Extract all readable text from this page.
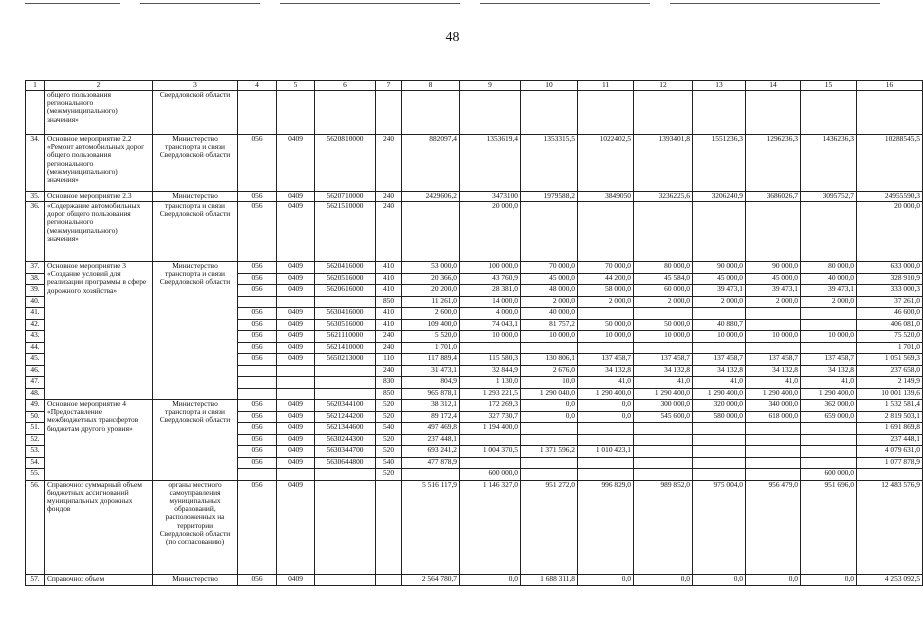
48
1	2	3	4	5	6	7	8	9	10	11	12	13	14	15	16
	общего пользования регионального (межмуниципального) значения»	Свердловской области													
34.	Основное мероприятие 2.2 «Ремонт автомобильных дорог общего пользования регионального (межмуниципального) значения»	Министерство транспорта и связи Свердловской области	056	0409	5620810000	240	882097,4	1353619,4	1353315,5	1022402,5	1393401,8	1551236,3	1296236,3	1436236,3	10288545,5
35.	Основное мероприятие 2.3	Министерство	056	0409	5620710000	240	2429606,2	3473100	1979588,2	3849050	3236225,6	3206240,9	3686026,7	3095752,7	24955590,3
36.	«Содержание автомобильных дорог общего пользования регионального (межмуниципального) значения»	транспорта и связи Свердловской области	056	0409	5621510000	240		20 000,0							20 000,0
37.	Основное мероприятие 3 «Создание условий для реализации программы в сфере дорожного хозяйства»	Министерство транспорта и связи Свердловской области	056	0409	5620416000	410	53 000,0	100 000,0	70 000,0	70 000,0	80 000,0	90 000,0	90 000,0	80 000,0	633 000,0
38.			056	0409	5620516000	410	20 366,0	43 760,9	45 000,0	44 200,0	45 584,0	45 000,0	45 000,0	40 000,0	328 910,9
39.			056	0409	5620616000	410	20 200,0	28 381,0	48 000,0	58 000,0	60 000,0	39 473,1	39 473,1	39 473,1	333 000,3
40.						850	11 261,0	14 000,0	2 000,0	2 000,0	2 000,0	2 000,0	2 000,0	2 000,0	37 261,0
41.			056	0409	5630416000	410	2 600,0	4 000,0	40 000,0						46 600,0
42.			056	0409	5630516000	410	109 400,0	74 043,1	81 757,2	50 000,0	50 000,0	40 880,7			406 081,0
43.			056	0409	5621110000	240	5 520,0	10 000,0	10 000,0	10 000,0	10 000,0	10 000,0	10 000,0	10 000,0	75 520,0
44.			056	0409	5621410000	240	1 701,0								1 701,0
45.			056	0409	5650213000	110	117 889,4	115 580,3	130 806,1	137 458,7	137 458,7	137 458,7	137 458,7	137 458,7	1 051 569,3
46.						240	31 473,1	32 844,9	2 676,0	34 132,8	34 132,8	34 132,8	34 132,8	34 132,8	237 658,0
47.						830	804,9	1 130,0	10,0	41,0	41,0	41,0	41,0	41,0	2 149,9
48.						850	965 878,1	1 293 221,5	1 290 040,0	1 290 400,0	1 290 400,0	1 290 400,0	1 290 400,0	1 290 400,0	10 001 139,6
49.	Основное мероприятие 4 «Предоставление межбюджетных трансфертов бюджетам другого уровня»	Министерство транспорта и связи Свердловской области	056	0409	5620344100	520	38 312,1	172 269,3	0,0	0,0	300 000,0	320 000,0	340 000,0	362 000,0	1 532 581,4
50.			056	0409	5621244200	520	89 172,4	327 730,7	0,0	0,0	545 600,0	580 000,0	618 000,0	659 000,0	2 819 503,1
51.			056	0409	5621344600	540	497 469,8	1 194 400,0							1 691 869,8
52.			056	0409	5630244300	520	237 448,1								237 448,1
53.			056	0409	5630344700	520	693 241,2	1 004 370,5	1 371 596,2	1 010 423,1					4 079 631,0
54.			056	0409	5630644800	540	477 878,9								1 077 878,9
55.						520		600 000,0						600 000,0	
56.	Справочно: суммарный объем бюджетных ассигнований муниципальных дорожных фондов	органы местного самоуправления муниципальных образований, расположенных на территории Свердловской области (по согласованию)	056	0409			5 516 117,9	1 146 327,0	951 272,0	996 829,0	989 852,0	975 004,0	956 479,0	951 696,0	12 483 576,9
57.	Справочно: объем	Министерство	056	0409			2 564 780,7	0,0	1 688 311,8	0,0	0,0	0,0	0,0	0,0	4 253 092,5
